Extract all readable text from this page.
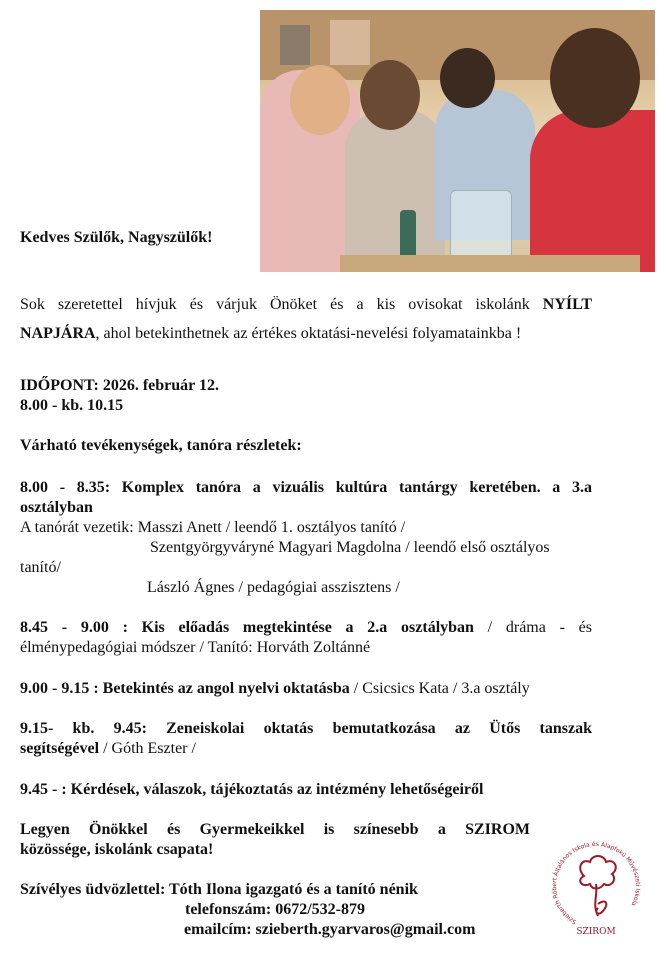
Kedves Szülők, Nagyszülők!
Sok szeretettel hívjuk és várjuk Önöket és a kis ovisokat iskolánk NYÍLT
NAPJÁRA, ahol betekinthetnek az értékes oktatási-nevelési folyamatainkba !
IDŐPONT: 2026. február 12.
8.00 - kb. 10.15
Várható tevékenységek, tanóra részletek:
8.00 - 8.35: Komplex tanóra a vizuális kultúra tantárgy keretében. a 3.a
osztályban
A tanórát vezetik: Masszi Anett / leendő 1. osztályos tanító /
Szentgyörgyváryné Magyari Magdolna / leendő első osztályos
tanító/
László Ágnes / pedagógiai asszisztens /
8.45 - 9.00 : Kis előadás megtekintése a 2.a osztályban / dráma - és
élménypedagógiai módszer / Tanító: Horváth Zoltánné
9.00 - 9.15 : Betekintés az angol nyelvi oktatásba / Csicsics Kata / 3.a osztály
9.15- kb. 9.45: Zeneiskolai oktatás bemutatkozása az Ütős tanszak
segítségével / Góth Eszter /
9.45 - : Kérdések, válaszok, tájékoztatás az intézmény lehetőségeiről
Legyen Önökkel és Gyermekeikkel is színesebb a SZIROM
közössége, iskolánk csapata!
Szívélyes üdvözlettel: Tóth Ilona igazgató és a tanító nénik
telefonszám: 0672/532-879
emailcím: szieberth.gyarvaros@gmail.com	Szieberth Róbert Általános Iskola és Alapfokú Művészeti Iskola
SZIROM
